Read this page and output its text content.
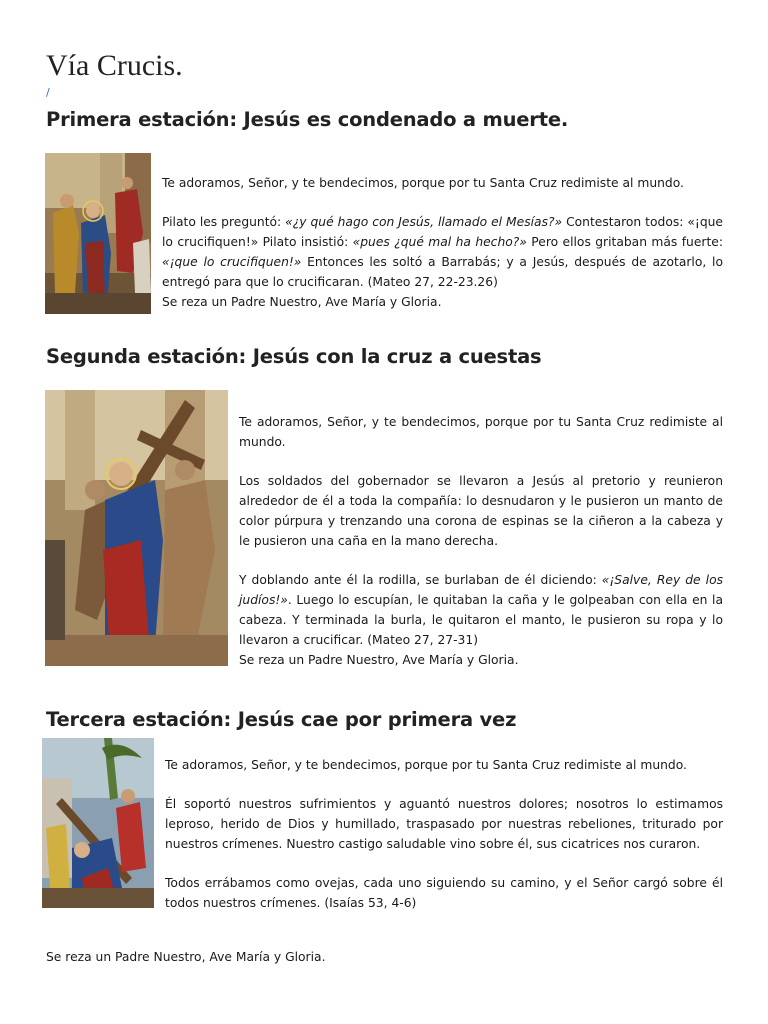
Vía Crucis.
/
Primera estación: Jesús es condenado a muerte.

Te adoramos, Señor, y te bendecimos, porque por tu Santa Cruz redimiste al mundo.

Pilato les preguntó: «¿y qué hago con Jesús, llamado el Mesías?» Contestaron todos: «¡que lo crucifiquen!» Pilato insistió: «pues ¿qué mal ha hecho?» Pero ellos gritaban más fuerte: «¡que lo crucifiquen!» Entonces les soltó a Barrabás; y a Jesús, después de azotarlo, lo entregó para que lo crucificaran. (Mateo 27, 22-23.26)

Se reza un Padre Nuestro, Ave María y Gloria.

Segunda estación: Jesús con la cruz a cuestas

Te adoramos, Señor, y te bendecimos, porque por tu Santa Cruz redimiste al mundo.

Los soldados del gobernador se llevaron a Jesús al pretorio y reunieron alrededor de él a toda la compañía: lo desnudaron y le pusieron un manto de color púrpura y trenzando una corona de espinas se la ciñeron a la cabeza y le pusieron una caña en la mano derecha.

Y doblando ante él la rodilla, se burlaban de él diciendo: «¡Salve, Rey de los judíos!». Luego lo escupían, le quitaban la caña y le golpeaban con ella en la cabeza. Y terminada la burla, le quitaron el manto, le pusieron su ropa y lo llevaron a crucificar. (Mateo 27, 27-31)

Se reza un Padre Nuestro, Ave María y Gloria.

Tercera estación: Jesús cae por primera vez

Te adoramos, Señor, y te bendecimos, porque por tu Santa Cruz redimiste al mundo.

Él soportó nuestros sufrimientos y aguantó nuestros dolores; nosotros lo estimamos leproso, herido de Dios y humillado, traspasado por nuestras rebeliones, triturado por nuestros crímenes. Nuestro castigo saludable vino sobre él, sus cicatrices nos curaron.

Todos errábamos como ovejas, cada uno siguiendo su camino, y el Señor cargó sobre él todos nuestros crímenes. (Isaías 53, 4-6)

Se reza un Padre Nuestro, Ave María y Gloria.
